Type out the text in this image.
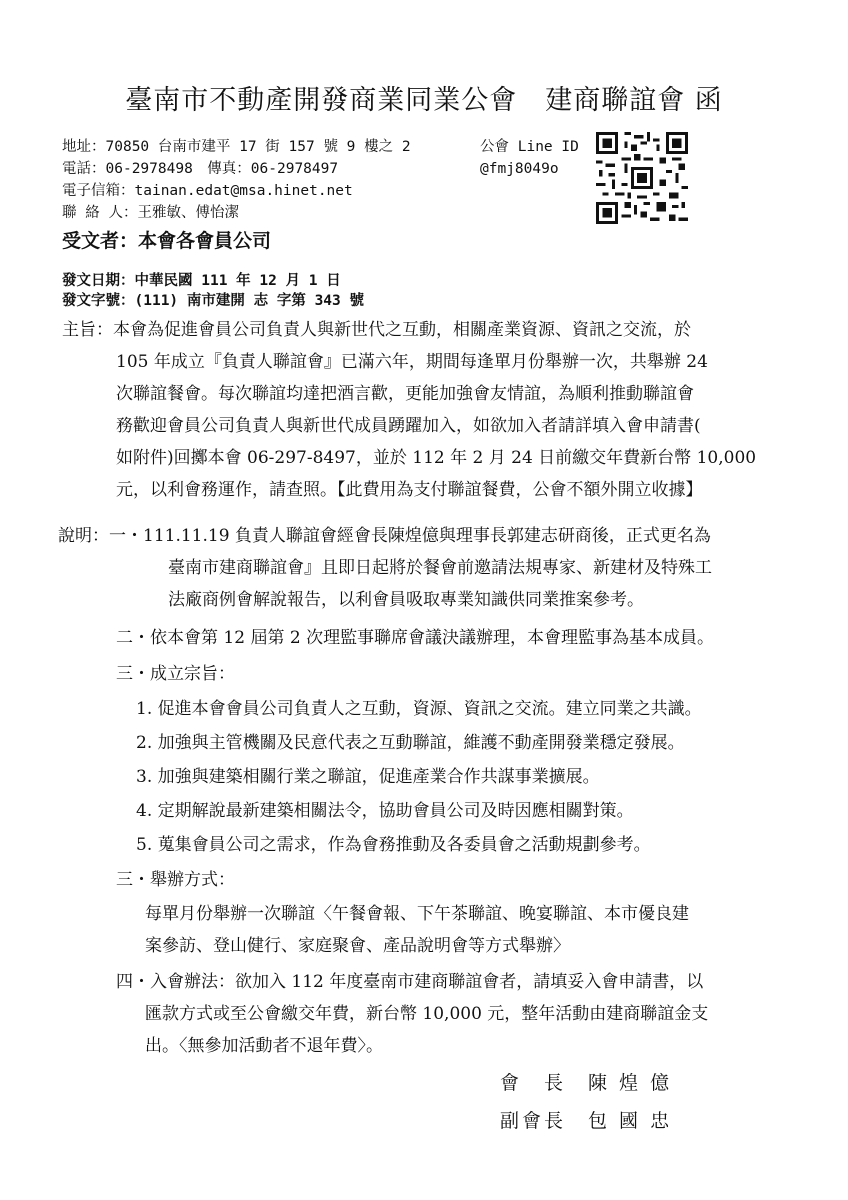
臺南市不動產開發商業同業公會　建商聯誼會 函
地址：70850 台南市建平 17 街 157 號 9 樓之 2
電話：06-2978498　傳真：06-2978497
電子信箱：tainan.edat@msa.hinet.net
聯 絡 人：王雅敏、傅怡潔
公會 Line ID
@fmj8049o
受文者：本會各會員公司
發文日期：中華民國 111 年 12 月 1 日
發文字號：(111) 南市建開 志 字第 343 號
主旨：本會為促進會員公司負責人與新世代之互動，相關產業資源、資訊之交流，於
105 年成立『負責人聯誼會』已滿六年，期間每逢單月份舉辦一次，共舉辦 24
次聯誼餐會。每次聯誼均達把酒言歡，更能加強會友情誼，為順利推動聯誼會
務歡迎會員公司負責人與新世代成員踴躍加入，如欲加入者請詳填入會申請書(
如附件)回擲本會 06-297-8497，並於 112 年 2 月 24 日前繳交年費新台幣 10,000
元，以利會務運作，請查照。【此費用為支付聯誼餐費，公會不額外開立收據】
說明：一・111.11.19 負責人聯誼會經會長陳煌億與理事長郭建志研商後，正式更名為
臺南市建商聯誼會』且即日起將於餐會前邀請法規專家、新建材及特殊工
法廠商例會解說報告，以利會員吸取專業知識供同業推案參考。
二・依本會第 12 屆第 2 次理監事聯席會議決議辦理，本會理監事為基本成員。
三・成立宗旨：
1. 促進本會會員公司負責人之互動，資源、資訊之交流。建立同業之共識。
2. 加強與主管機關及民意代表之互動聯誼，維護不動產開發業穩定發展。
3. 加強與建築相關行業之聯誼，促進產業合作共謀事業擴展。
4. 定期解說最新建築相關法令，協助會員公司及時因應相關對策。
5. 蒐集會員公司之需求，作為會務推動及各委員會之活動規劃參考。
三・舉辦方式：
每單月份舉辦一次聯誼〈午餐會報、下午茶聯誼、晚宴聯誼、本市優良建
案參訪、登山健行、家庭聚會、產品說明會等方式舉辦〉
四・入會辦法：欲加入 112 年度臺南市建商聯誼會者，請填妥入會申請書，以
匯款方式或至公會繳交年費，新台幣 10,000 元，整年活動由建商聯誼金支
出。〈無參加活動者不退年費〉。
會　長　陳 煌 億
副會長　包 國 忠
